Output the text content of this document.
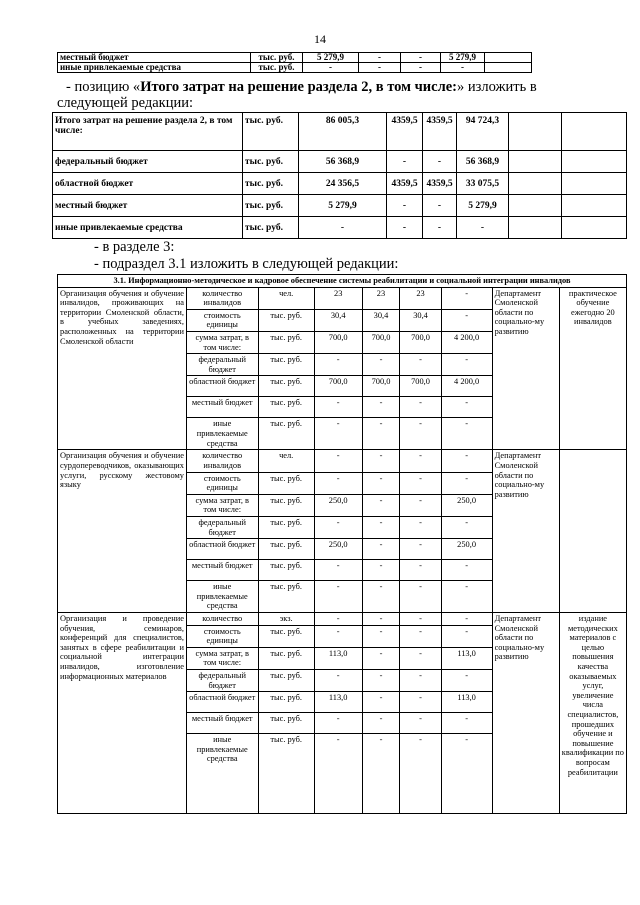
14
местный бюджет	тыс. руб.	5 279,9	-	-	5 279,9	
иные привлекаемые средства	тыс. руб.	-	-	-	-	
- позицию «Итого затрат на решение раздела 2, в том числе:» изложить в
следующей редакции:
Итого затрат на решение раздела 2, в том числе:	тыс. руб.	86 005,3	4359,5	4359,5	94 724,3		
федеральный бюджет	тыс. руб.	56 368,9	-	-	56 368,9		
областной бюджет	тыс. руб.	24 356,5	4359,5	4359,5	33 075,5		
местный бюджет	тыс. руб.	5 279,9	-	-	5 279,9		
иные привлекаемые средства	тыс. руб.	-	-	-	-		
- в разделе 3:
- подраздел 3.1 изложить в следующей редакции:
3.1. Информационно-методическое и кадровое обеспечение системы реабилитации и социальной интеграции инвалидов								
Организация обучения и обучение инвалидов, проживающих на территории Смоленской области, в учебных заведениях, расположенных на территории Смоленской области	количество инвалидов	чел.	23	23	23	-	Департамент Смоленской области по социально-му развитию	практическое обучение ежегодно 20 инвалидов
	стоимость единицы	тыс. руб.	30,4	30,4	30,4	-		
	сумма затрат, в том числе:	тыс. руб.	700,0	700,0	700,0	4 200,0		
	федеральный бюджет	тыс. руб.	-	-	-	-		
	областной бюджет	тыс. руб.	700,0	700,0	700,0	4 200,0		
	местный бюджет	тыс. руб.	-	-	-	-		
	иные привлекаемые средства	тыс. руб.	-	-	-	-		
Организация обучения и обучение сурдопереводчиков, оказывающих услуги, русскому жестовому языку	количество инвалидов	чел.	-	-	-	-	Департамент Смоленской области по социально-му развитию	
	стоимость единицы	тыс. руб.	-	-	-	-		
	сумма затрат, в том числе:	тыс. руб.	250,0	-	-	250,0		
	федеральный бюджет	тыс. руб.	-	-	-	-		
	областной бюджет	тыс. руб.	250,0	-	-	250,0		
	местный бюджет	тыс. руб.	-	-	-	-		
	иные привлекаемые средства	тыс. руб.	-	-	-	-		
Организация и проведение обучения, семинаров, конференций для специалистов, занятых в сфере реабилитации и социальной интеграции инвалидов, изготовление информационных материалов	количество	экз.	-	-	-	-	Департамент Смоленской области по социально-му развитию	издание методических материалов с целью повышения качества оказываемых услуг, увеличение числа специалистов, прошедших обучение и повышение квалификации по вопросам реабилитации
	стоимость единицы	тыс. руб.	-	-	-	-		
	сумма затрат, в том числе:	тыс. руб.	113,0	-	-	113,0		
	федеральный бюджет	тыс. руб.	-	-	-	-		
	областной бюджет	тыс. руб.	113,0	-	-	113,0		
	местный бюджет	тыс. руб.	-	-	-	-		
	иные привлекаемые средства	тыс. руб.	-	-	-	-		
